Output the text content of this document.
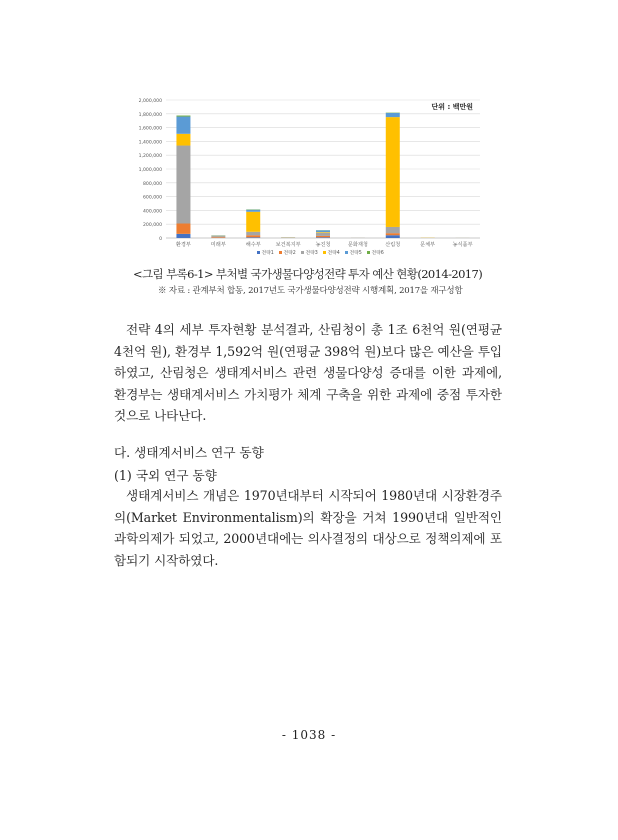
0
200,000
400,000
600,000
800,000
1,000,000
1,200,000
1,400,000
1,600,000
1,800,000
2,000,000
환경부	미래부	해수부	보건복지부	농진청	문화재청	산림청	문체부	농식품부
단위 : 백만원
전략1 전략2 전략3 전략4 전략5 전략6
<그림 부록6-1> 부처별 국가생물다양성전략 투자 예산 현황(2014-2017)
※ 자료 : 관계부처 합동, 2017년도 국가생물다양성전략 시행계획, 2017을 재구성함

전략 4의 세부 투자현황 분석결과, 산림청이 총 1조 6천억 원(연평균 4천억 원), 환경부 1,592억 원(연평균 398억 원)보다 많은 예산을 투입하였고, 산림청은 생태계서비스 관련 생물다양성 증대를 이한 과제에, 환경부는 생태계서비스 가치평가 체계 구축을 위한 과제에 중점 투자한 것으로 나타난다.

다. 생태계서비스 연구 동향
(1) 국외 연구 동향

생태계서비스 개념은 1970년대부터 시작되어 1980년대 시장환경주의(Market Environmentalism)의 확장을 거쳐 1990년대 일반적인 과학의제가 되었고, 2000년대에는 의사결정의 대상으로 정책의제에 포함되기 시작하였다.

- 1038 -
